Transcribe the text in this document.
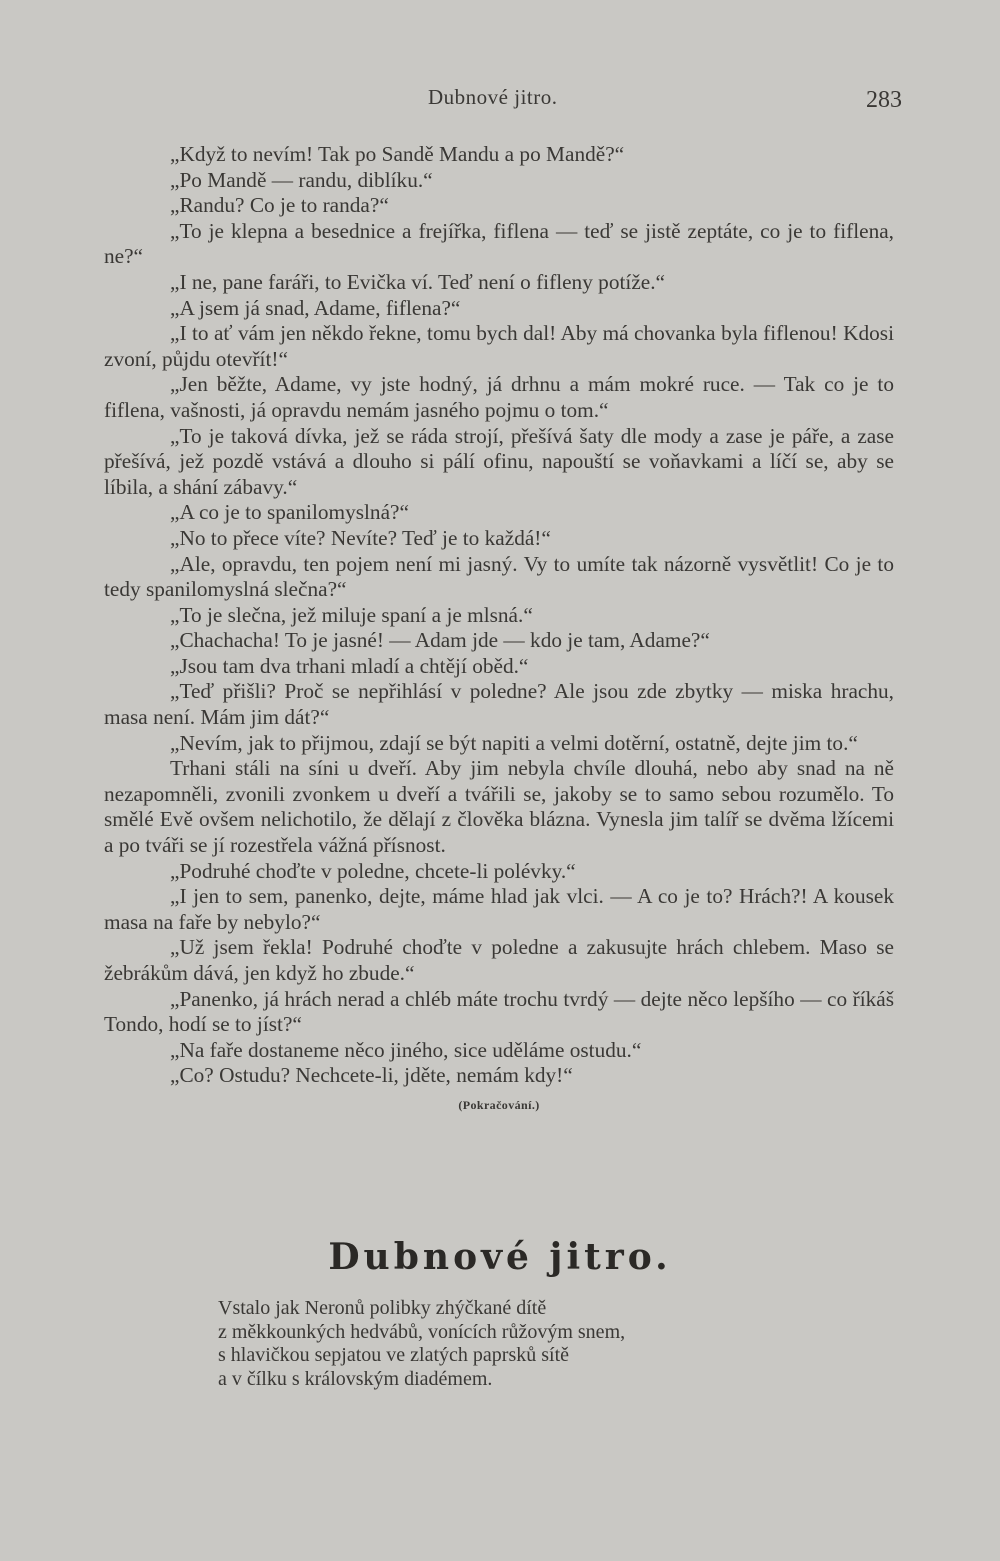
Dubnové jitro.	283

„Když to nevím! Tak po Sandě Mandu a po Mandě?“

„Po Mandě — randu, diblíku.“

„Randu? Co je to randa?“

„To je klepna a besednice a frejířka, fiflena — teď se jistě zeptáte, co je to fiflena, ne?“

„I ne, pane faráři, to Evička ví. Teď není o fifleny potíže.“

„A jsem já snad, Adame, fiflena?“

„I to ať vám jen někdo řekne, tomu bych dal! Aby má chovanka byla fiflenou! Kdosi zvoní, půjdu otevřít!“

„Jen běžte, Adame, vy jste hodný, já drhnu a mám mokré ruce. — Tak co je to fiflena, vašnosti, já opravdu nemám jasného pojmu o tom.“

„To je taková dívka, jež se ráda strojí, přešívá šaty dle mody a zase je páře, a zase přešívá, jež pozdě vstává a dlouho si pálí ofinu, napouští se voňavkami a líčí se, aby se líbila, a shání zábavy.“

„A co je to spanilomyslná?“

„No to přece víte? Nevíte? Teď je to každá!“

„Ale, opravdu, ten pojem není mi jasný. Vy to umíte tak názorně vysvětlit! Co je to tedy spanilomyslná slečna?“

„To je slečna, jež miluje spaní a je mlsná.“

„Chachacha! To je jasné! — Adam jde — kdo je tam, Adame?“

„Jsou tam dva trhani mladí a chtějí oběd.“

„Teď přišli? Proč se nepřihlásí v poledne? Ale jsou zde zbytky — miska hrachu, masa není. Mám jim dát?“

„Nevím, jak to přijmou, zdají se být napiti a velmi dotěrní, ostatně, dejte jim to.“

Trhani stáli na síni u dveří. Aby jim nebyla chvíle dlouhá, nebo aby snad na ně nezapomněli, zvonili zvonkem u dveří a tvářili se, jakoby se to samo sebou rozumělo. To smělé Evě ovšem nelichotilo, že dělají z člověka blázna. Vynesla jim talíř se dvěma lžícemi a po tváři se jí rozestřela vážná přísnost.

„Podruhé choďte v poledne, chcete-li polévky.“

„I jen to sem, panenko, dejte, máme hlad jak vlci. — A co je to? Hrách?! A kousek masa na faře by nebylo?“

„Už jsem řekla! Podruhé choďte v poledne a zakusujte hrách chlebem. Maso se žebrákům dává, jen když ho zbude.“

„Panenko, já hrách nerad a chléb máte trochu tvrdý — dejte něco lepšího — co říkáš Tondo, hodí se to jíst?“

„Na faře dostaneme něco jiného, sice uděláme ostudu.“

„Co? Ostudu? Nechcete-li, jděte, nemám kdy!“

(Pokračování.)
Dubnové jitro.
Vstalo jak Neronů polibky zhýčkané dítě
z měkkounkých hedvábů, vonících růžovým snem,
s hlavičkou sepjatou ve zlatých paprsků sítě
a v čílku s královským diadémem.
